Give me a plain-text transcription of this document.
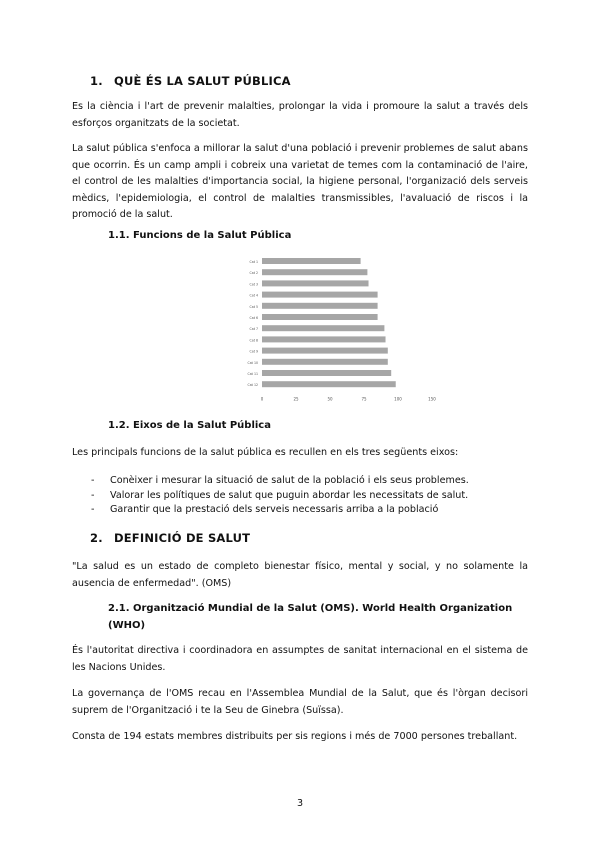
1. QUÈ ÉS LA SALUT PÚBLICA
Es la ciència i l'art de prevenir malalties, prolongar la vida i promoure la salut a través dels esforços organitzats de la societat.
La salut pública s'enfoca a millorar la salut d'una població i prevenir problemes de salut abans que ocorrin. És un camp ampli i cobreix una varietat de temes com la contaminació de l'aire, el control de les malalties d'importancia social, la higiene personal, l'organizació dels serveis mèdics, l'epidemiologia, el control de malalties transmissibles, l'avaluació de riscos i la promoció de la salut.
1.1. Funcions de la Salut Pública
Cat 1
Cat 2
Cat 3
Cat 4
Cat 5
Cat 6
Cat 7
Cat 8
Cat 9
Cat 10
Cat 11
Cat 12
0	25	50	75	100	150
1.2. Eixos de la Salut Pública
Les principals funcions de la salut pública es recullen en els tres següents eixos:
- Conèixer i mesurar la situació de salut de la població i els seus problemes.
- Valorar les polítiques de salut que puguin abordar les necessitats de salut.
- Garantir que la prestació dels serveis necessaris arriba a la població
2. DEFINICIÓ DE SALUT
"La salud es un estado de completo bienestar físico, mental y social, y no solamente la ausencia de enfermedad". (OMS)
2.1. Organització Mundial de la Salut (OMS). World Health Organization
(WHO)
És l'autoritat directiva i coordinadora en assumptes de sanitat internacional en el sistema de les Nacions Unides.
La governança de l'OMS recau en l'Assemblea Mundial de la Salut, que és l'òrgan decisori suprem de l'Organització i te la Seu de Ginebra (Suïssa).
Consta de 194 estats membres distribuits per sis regions i més de 7000 persones treballant.
3
